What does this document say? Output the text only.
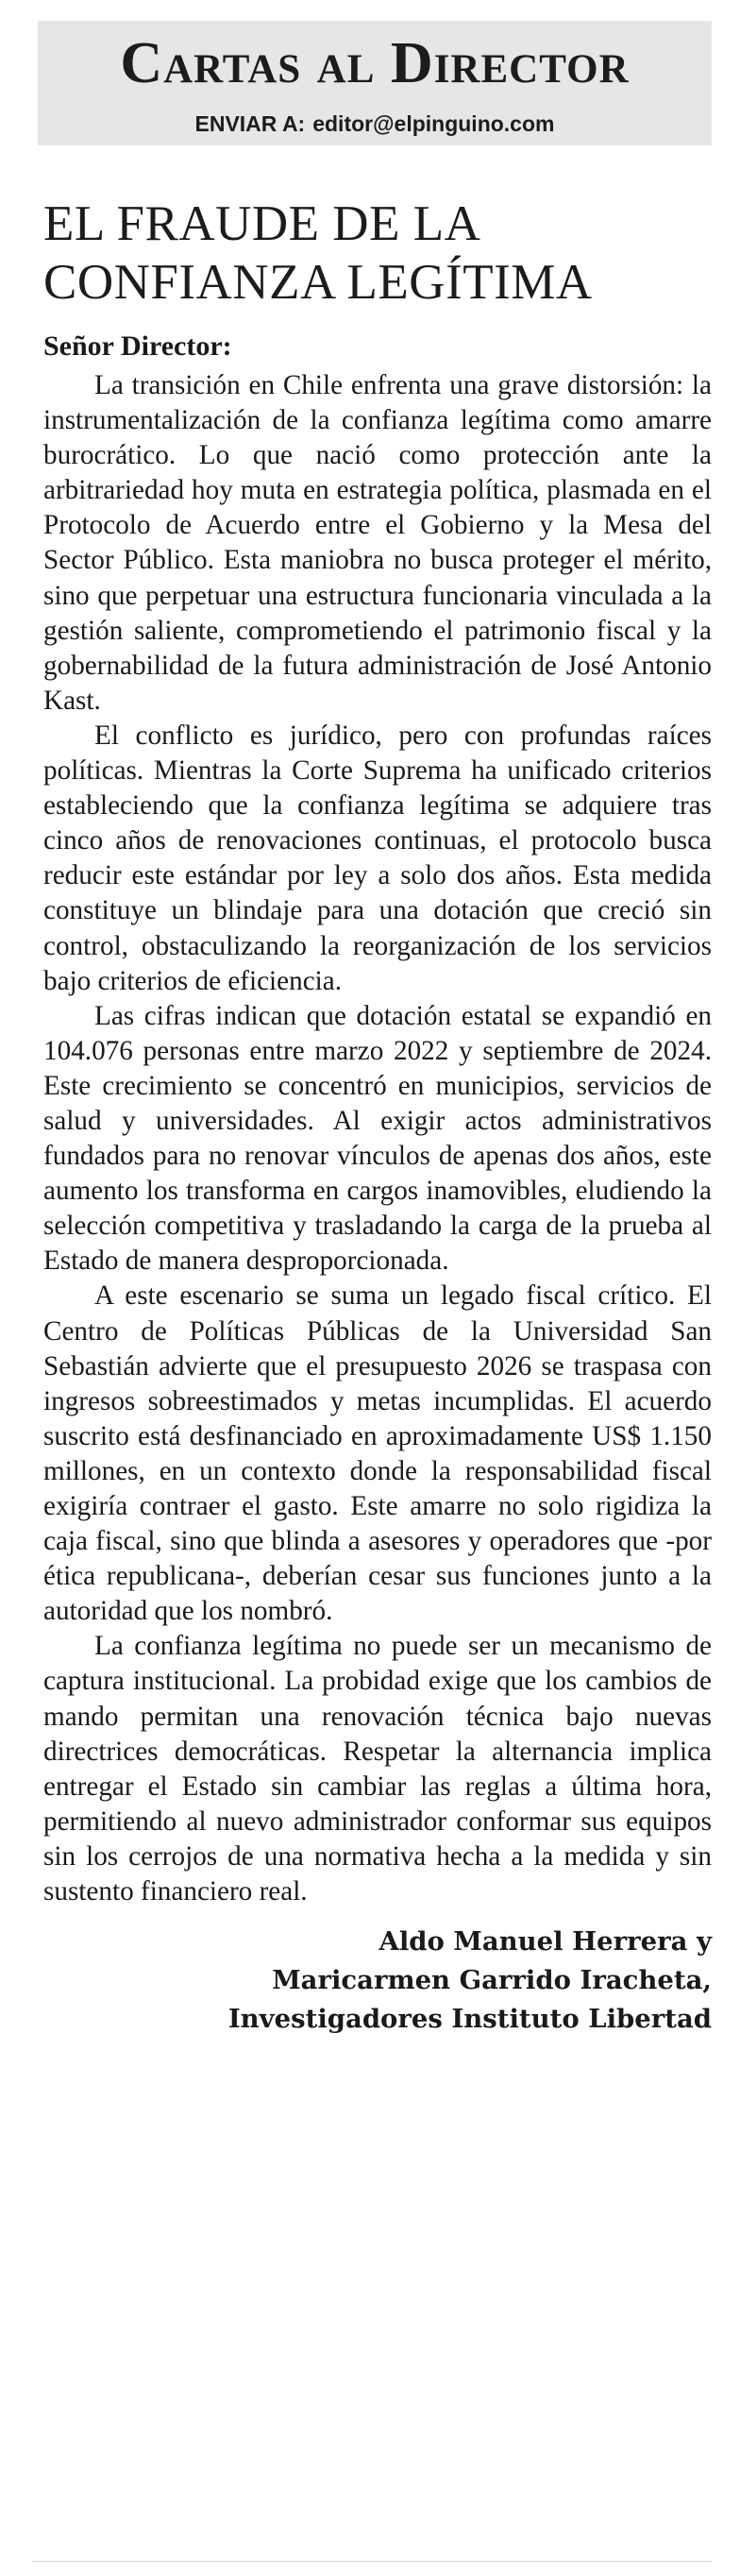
Cartas al Director
ENVIAR A: editor@elpinguino.com
EL FRAUDE DE LA CONFIANZA LEGÍTIMA
Señor Director:

La transición en Chile enfrenta una grave distorsión: la instrumentalización de la confianza legítima como amarre burocrático. Lo que nació como protección ante la arbitrariedad hoy muta en estrategia política, plasmada en el Protocolo de Acuerdo entre el Gobierno y la Mesa del Sector Público. Esta maniobra no busca proteger el mérito, sino que perpetuar una estructura funcionaria vinculada a la gestión saliente, comprometiendo el patrimonio fiscal y la gobernabilidad de la futura administración de José Antonio Kast.

El conflicto es jurídico, pero con profundas raíces políticas. Mientras la Corte Suprema ha unificado criterios estableciendo que la confianza legítima se adquiere tras cinco años de renovaciones continuas, el protocolo busca reducir este estándar por ley a solo dos años. Esta medida constituye un blindaje para una dotación que creció sin control, obstaculizando la reorganización de los servicios bajo criterios de eficiencia.

Las cifras indican que dotación estatal se expandió en 104.076 personas entre marzo 2022 y septiembre de 2024. Este crecimiento se concentró en municipios, servicios de salud y universidades. Al exigir actos administrativos fundados para no renovar vínculos de apenas dos años, este aumento los transforma en cargos inamovibles, eludiendo la selección competitiva y trasladando la carga de la prueba al Estado de manera desproporcionada.

A este escenario se suma un legado fiscal crítico. El Centro de Políticas Públicas de la Universidad San Sebastián advierte que el presupuesto 2026 se traspasa con ingresos sobreestimados y metas incumplidas. El acuerdo suscrito está desfinanciado en aproximadamente US$ 1.150 millones, en un contexto donde la responsabilidad fiscal exigiría contraer el gasto. Este amarre no solo rigidiza la caja fiscal, sino que blinda a asesores y operadores que -por ética republicana-, deberían cesar sus funciones junto a la autoridad que los nombró.

La confianza legítima no puede ser un mecanismo de captura institucional. La probidad exige que los cambios de mando permitan una renovación técnica bajo nuevas directrices democráticas. Respetar la alternancia implica entregar el Estado sin cambiar las reglas a última hora, permitiendo al nuevo administrador conformar sus equipos sin los cerrojos de una normativa hecha a la medida y sin sustento financiero real.

Aldo Manuel Herrera y
Maricarmen Garrido Iracheta,
Investigadores Instituto Libertad
